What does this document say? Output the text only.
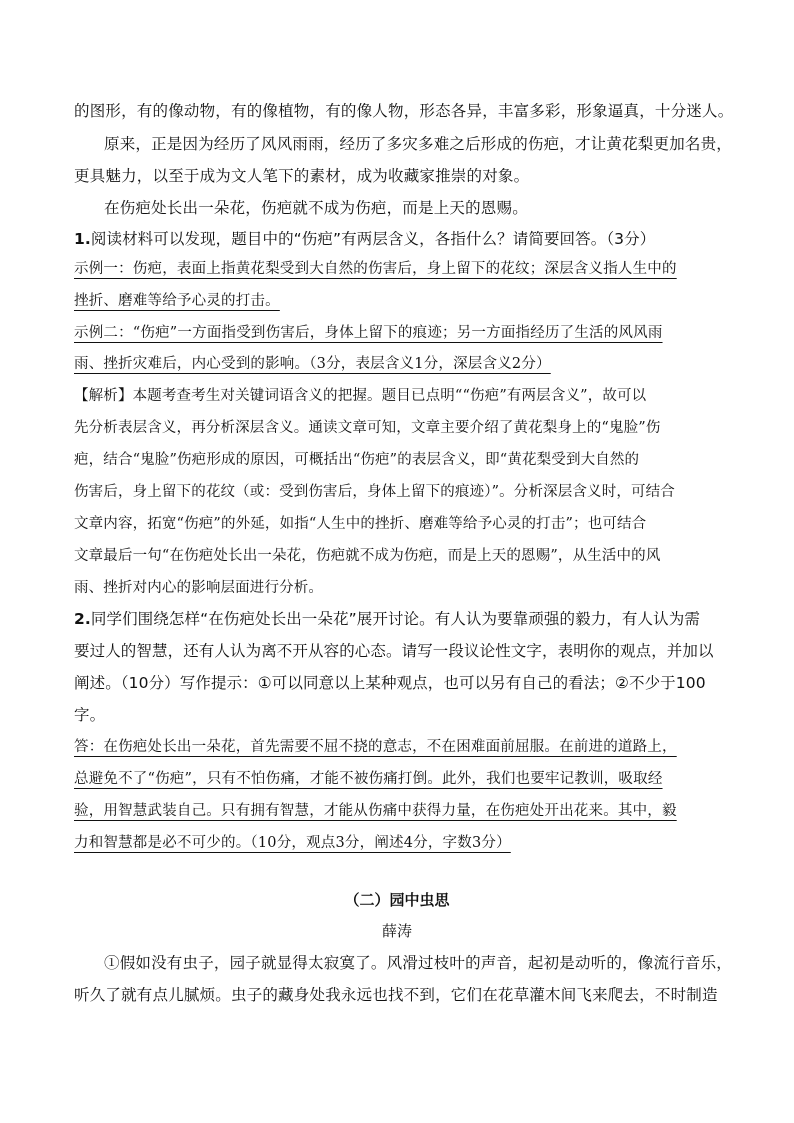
的图形，有的像动物，有的像植物，有的像人物，形态各异，丰富多彩，形象逼真，十分迷人。
原来，正是因为经历了风风雨雨，经历了多灾多难之后形成的伤疤，才让黄花梨更加名贵，
更具魅力，以至于成为文人笔下的素材，成为收藏家推崇的对象。
在伤疤处长出一朵花，伤疤就不成为伤疤，而是上天的恩赐。
1.阅读材料可以发现，题目中的“伤疤”有两层含义，各指什么？请简要回答。（3分）
示例一：伤疤，表面上指黄花梨受到大自然的伤害后，身上留下的花纹；深层含义指人生中的
挫折、磨难等给予心灵的打击。
示例二：“伤疤”一方面指受到伤害后，身体上留下的痕迹；另一方面指经历了生活的风风雨
雨、挫折灾难后，内心受到的影响。（3分，表层含义1分，深层含义2分）
【解析】本题考查考生对关键词语含义的把握。题目已点明““伤疤”有两层含义”，故可以
先分析表层含义，再分析深层含义。通读文章可知，文章主要介绍了黄花梨身上的“鬼脸”伤
疤，结合“鬼脸”伤疤形成的原因，可概括出“伤疤”的表层含义，即“黄花梨受到大自然的
伤害后，身上留下的花纹（或：受到伤害后，身体上留下的痕迹）”。分析深层含义时，可结合
文章内容，拓宽“伤疤”的外延，如指“人生中的挫折、磨难等给予心灵的打击”；也可结合
文章最后一句“在伤疤处长出一朵花，伤疤就不成为伤疤，而是上天的恩赐”，从生活中的风
雨、挫折对内心的影响层面进行分析。
2.同学们围绕怎样“在伤疤处长出一朵花”展开讨论。有人认为要靠顽强的毅力，有人认为需
要过人的智慧，还有人认为离不开从容的心态。请写一段议论性文字，表明你的观点，并加以
阐述。（10分）写作提示：①可以同意以上某种观点，也可以另有自己的看法；②不少于100
字。
答：在伤疤处长出一朵花，首先需要不屈不挠的意志，不在困难面前屈服。在前进的道路上，
总避免不了“伤疤”，只有不怕伤痛，才能不被伤痛打倒。此外，我们也要牢记教训，吸取经
验，用智慧武装自己。只有拥有智慧，才能从伤痛中获得力量，在伤疤处开出花来。其中，毅
力和智慧都是必不可少的。（10分，观点3分，阐述4分，字数3分）
（二）园中虫思
薛涛
①假如没有虫子，园子就显得太寂寞了。风滑过枝叶的声音，起初是动听的，像流行音乐，
听久了就有点儿腻烦。虫子的藏身处我永远也找不到，它们在花草灌木间飞来爬去，不时制造
